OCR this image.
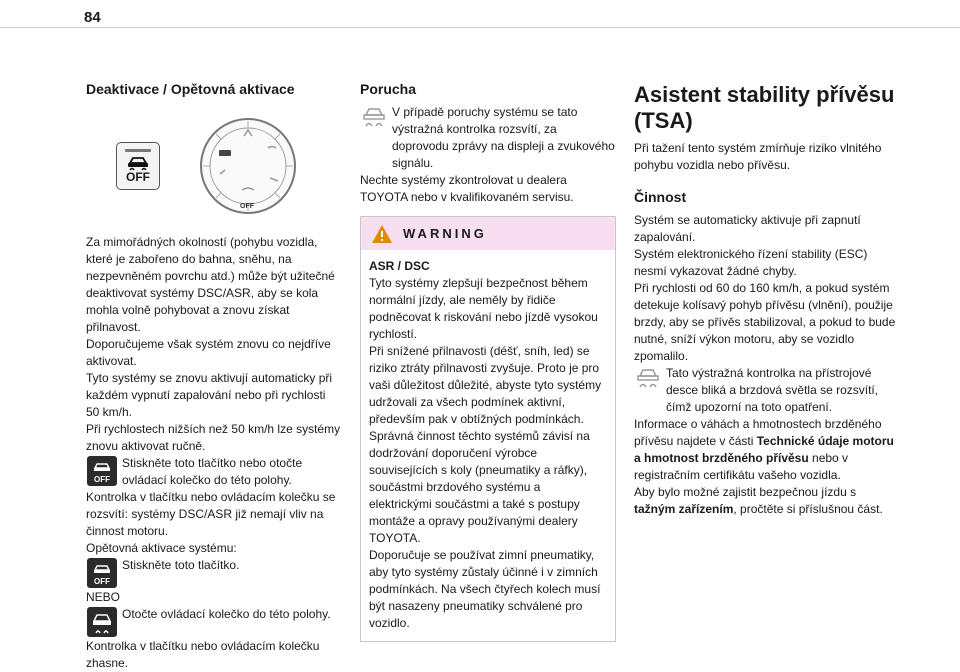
84
Deaktivace / Opětovná aktivace
OFF
OFF

Za mimořádných okolností (pohybu vozidla, které je zabořeno do bahna, sněhu, na nezpevněném povrchu atd.) může být užitečné deaktivovat systémy DSC/ASR, aby se kola mohla volně pohybovat a znovu získat přilnavost.

Doporučujeme však systém znovu co nejdříve aktivovat.

Tyto systémy se znovu aktivují automaticky při každém vypnutí zapalování nebo při rychlosti 50 km/h.

Při rychlostech nižších než 50 km/h lze systémy znovu aktivovat ručně.

OFF
Stiskněte toto tlačítko nebo otočte ovládací kolečko do této polohy.

Kontrolka v tlačítku nebo ovládacím kolečku se rozsvítí: systémy DSC/ASR již nemají vliv na činnost motoru.

Opětovná aktivace systému:

OFF
Stiskněte toto tlačítko.

NEBO

Otočte ovládací kolečko do této polohy.

Kontrolka v tlačítku nebo ovládacím kolečku zhasne.

Porucha
V případě poruchy systému se tato výstražná kontrolka rozsvítí, za doprovodu zprávy na displeji a zvukového signálu.

Nechte systémy zkontrolovat u dealera TOYOTA nebo v kvalifikovaném servisu.

WARNING

ASR / DSC

Tyto systémy zlepšují bezpečnost během normální jízdy, ale neměly by řidiče podněcovat k riskování nebo jízdě vysokou rychlostí.

Při snížené přilnavosti (déšť, sníh, led) se riziko ztráty přilnavosti zvyšuje. Proto je pro vaši důležitost důležité, abyste tyto systémy udržovali za všech podmínek aktivní, především pak v obtížných podmínkách.

Správná činnost těchto systémů závisí na dodržování doporučení výrobce souvisejících s koly (pneumatiky a ráfky), součástmi brzdového systému a elektrickými součástmi a také s postupy montáže a opravy používanými dealery TOYOTA.

Doporučuje se používat zimní pneumatiky, aby tyto systémy zůstaly účinné i v zimních podmínkách. Na všech čtyřech kolech musí být nasazeny pneumatiky schválené pro vozidlo.

Asistent stability přívěsu
(TSA)

Při tažení tento systém zmírňuje riziko vlnitého pohybu vozidla nebo přívěsu.

Činnost

Systém se automaticky aktivuje při zapnutí zapalování.

Systém elektronického řízení stability (ESC) nesmí vykazovat žádné chyby.

Při rychlosti od 60 do 160 km/h, a pokud systém detekuje kolísavý pohyb přívěsu (vlnění), použije brzdy, aby se přívěs stabilizoval, a pokud to bude nutné, sníží výkon motoru, aby se vozidlo zpomalilo.

Tato výstražná kontrolka na přístrojové desce bliká a brzdová světla se rozsvítí, čímž upozorní na toto opatření.

Informace o váhách a hmotnostech brzděného přívěsu najdete v části Technické údaje motoru a hmotnost brzděného přívěsu nebo v registračním certifikátu vašeho vozidla.

Aby bylo možné zajistit bezpečnou jízdu s tažným zařízením, pročtěte si příslušnou část.
